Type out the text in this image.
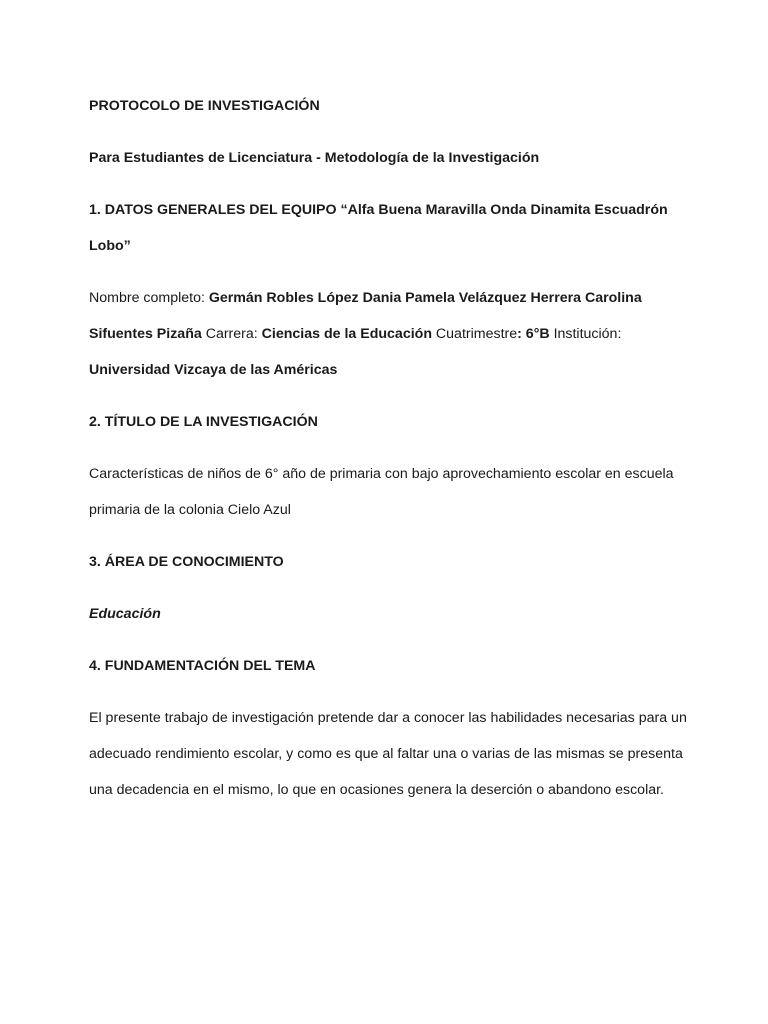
PROTOCOLO DE INVESTIGACIÓN

Para Estudiantes de Licenciatura - Metodología de la Investigación

1. DATOS GENERALES DEL EQUIPO “Alfa Buena Maravilla Onda Dinamita Escuadrón Lobo”

Nombre completo: Germán Robles López Dania Pamela Velázquez Herrera Carolina Sifuentes Pizaña Carrera: Ciencias de la Educación Cuatrimestre: 6°B Institución: Universidad Vizcaya de las Américas

2. TÍTULO DE LA INVESTIGACIÓN

Características de niños de 6° año de primaria con bajo aprovechamiento escolar en escuela primaria de la colonia Cielo Azul

3. ÁREA DE CONOCIMIENTO

Educación

4. FUNDAMENTACIÓN DEL TEMA

El presente trabajo de investigación pretende dar a conocer las habilidades necesarias para un adecuado rendimiento escolar, y como es que al faltar una o varias de las mismas se presenta una decadencia en el mismo, lo que en ocasiones genera la deserción o abandono escolar.
